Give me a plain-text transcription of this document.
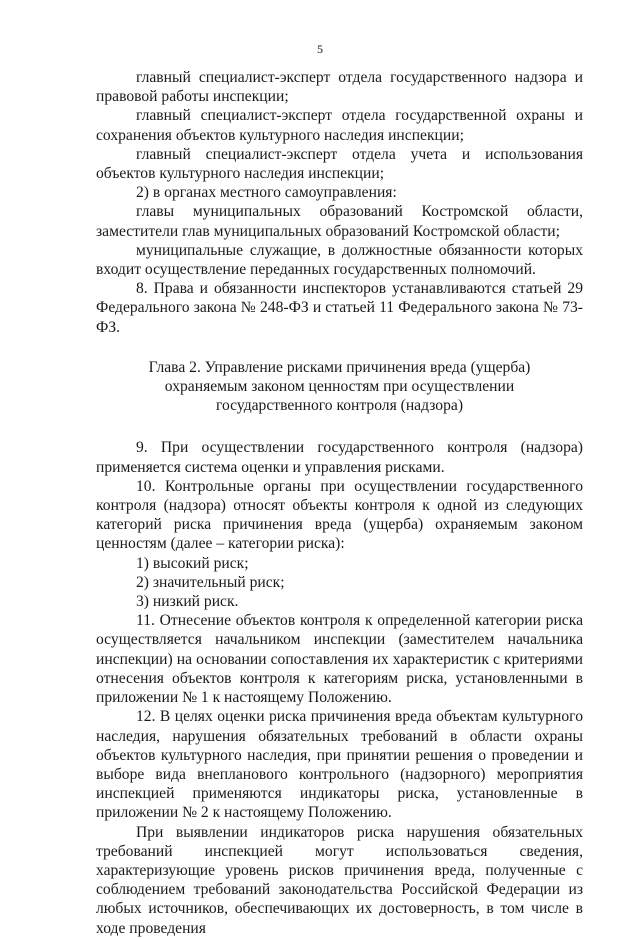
5

главный специалист-эксперт отдела государственного надзора и правовой работы инспекции;

главный специалист-эксперт отдела государственной охраны и сохранения объектов культурного наследия инспекции;

главный специалист-эксперт отдела учета и использования объектов культурного наследия инспекции;

2) в органах местного самоуправления:

главы муниципальных образований Костромской области, заместители глав муниципальных образований Костромской области;

муниципальные служащие, в должностные обязанности которых входит осуществление переданных государственных полномочий.

8. Права и обязанности инспекторов устанавливаются статьей 29 Федерального закона № 248-ФЗ и статьей 11 Федерального закона № 73-ФЗ.

Глава 2. Управление рисками причинения вреда (ущерба)
охраняемым законом ценностям при осуществлении
государственного контроля (надзора)

9. При осуществлении государственного контроля (надзора) применяется система оценки и управления рисками.

10. Контрольные органы при осуществлении государственного контроля (надзора) относят объекты контроля к одной из следующих категорий риска причинения вреда (ущерба) охраняемым законом ценностям (далее – категории риска):

1) высокий риск;

2) значительный риск;

3) низкий риск.

11. Отнесение объектов контроля к определенной категории риска осуществляется начальником инспекции (заместителем начальника инспекции) на основании сопоставления их характеристик с критериями отнесения объектов контроля к категориям риска, установленными в приложении № 1 к настоящему Положению.

12. В целях оценки риска причинения вреда объектам культурного наследия, нарушения обязательных требований в области охраны объектов культурного наследия, при принятии решения о проведении и выборе вида внепланового контрольного (надзорного) мероприятия инспекцией применяются индикаторы риска, установленные в приложении № 2 к настоящему Положению.

При выявлении индикаторов риска нарушения обязательных требований инспекцией могут использоваться сведения, характеризующие уровень рисков причинения вреда, полученные с соблюдением требований законодательства Российской Федерации из любых источников, обеспечивающих их достоверность, в том числе в ходе проведения
